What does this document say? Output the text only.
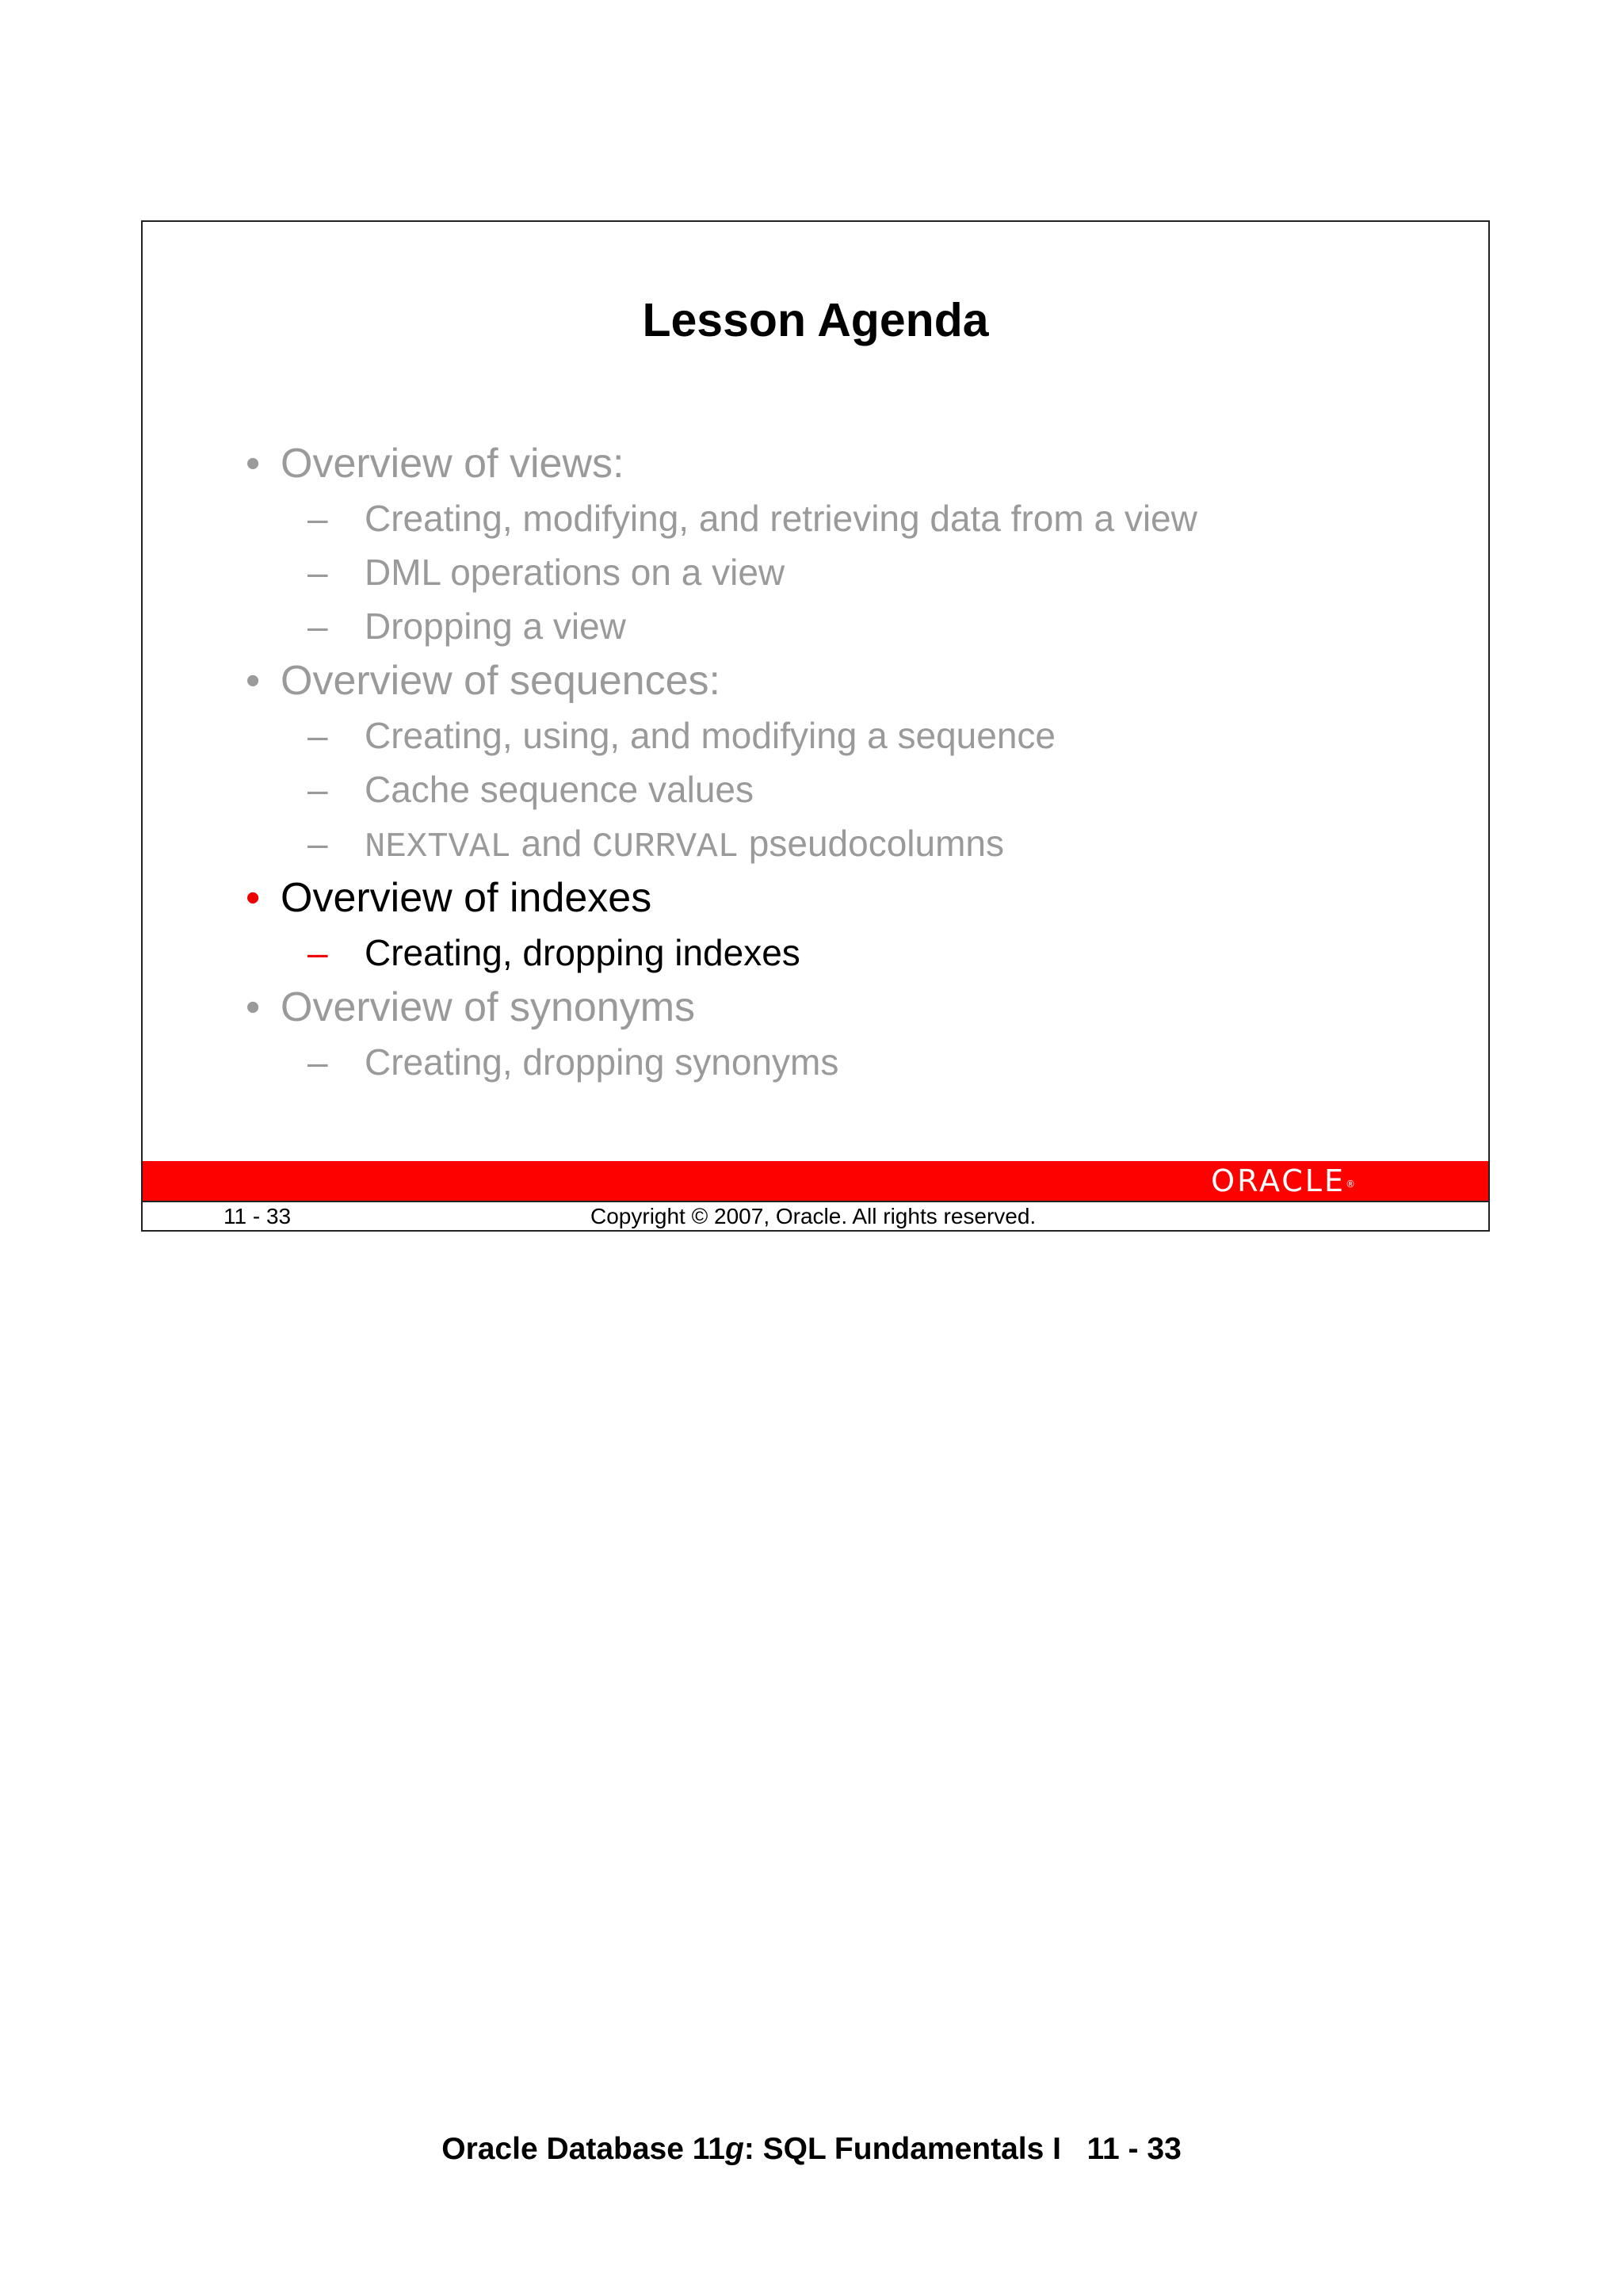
Lesson Agenda
• Overview of views:
– Creating, modifying, and retrieving data from a view
– DML operations on a view
– Dropping a view
• Overview of sequences:
– Creating, using, and modifying a sequence
– Cache sequence values
– NEXTVAL and CURRVAL pseudocolumns
• Overview of indexes
– Creating, dropping indexes
• Overview of synonyms
– Creating, dropping synonyms
ORACLE®
11 - 33	Copyright © 2007, Oracle. All rights reserved.
Oracle Database 11g: SQL Fundamentals I   11 - 33
